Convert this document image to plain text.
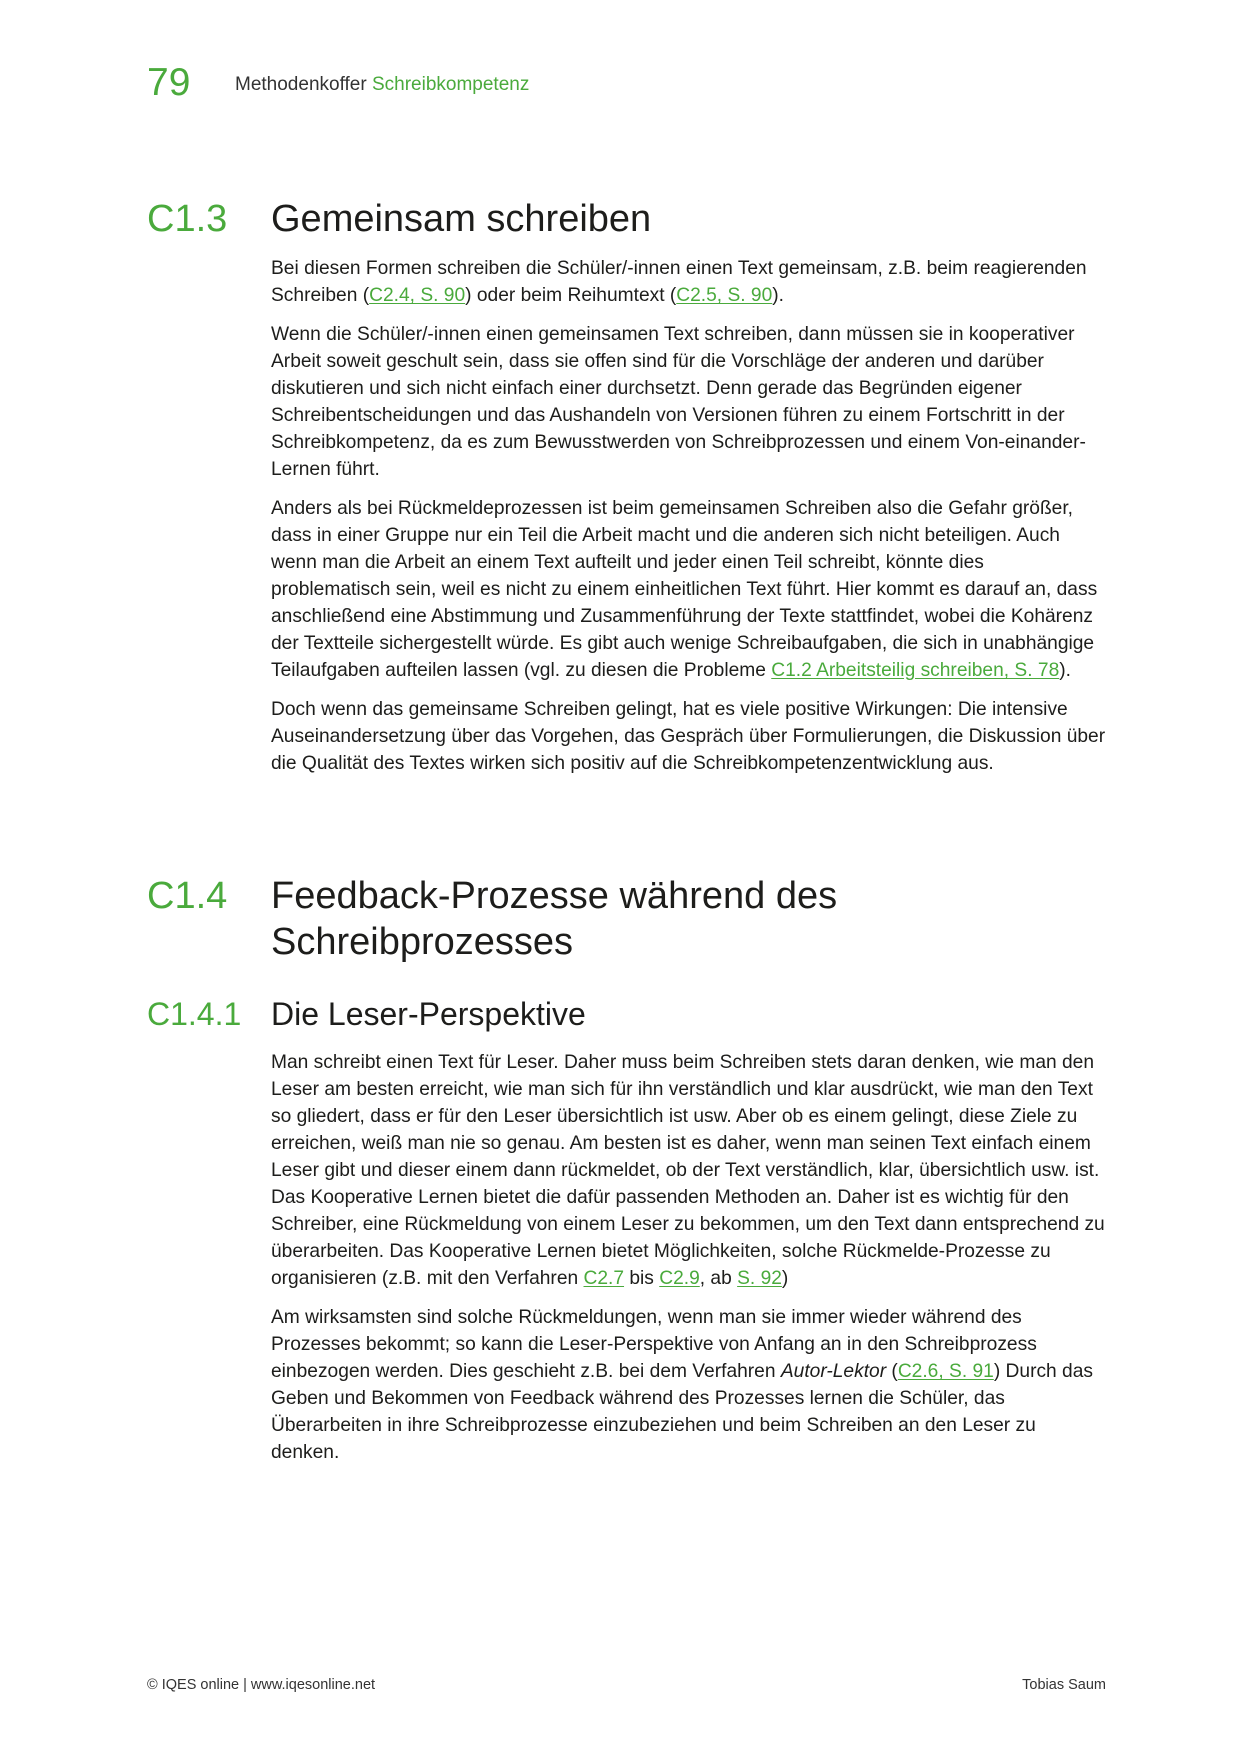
79 Methodenkoffer Schreibkompetenz
C1.3 Gemeinsam schreiben

Bei diesen Formen schreiben die Schüler/-innen einen Text gemeinsam, z.B. beim reagierenden Schreiben (C2.4, S. 90) oder beim Reihumtext (C2.5, S. 90).

Wenn die Schüler/-innen einen gemeinsamen Text schreiben, dann müssen sie in kooperativer Arbeit soweit geschult sein, dass sie offen sind für die Vorschläge der anderen und darüber diskutieren und sich nicht einfach einer durchsetzt. Denn gerade das Begründen eigener Schreibentscheidungen und das Aushandeln von Versionen führen zu einem Fortschritt in der Schreibkompetenz, da es zum Bewusstwerden von Schreibprozessen und einem Von-einander-Lernen führt.

Anders als bei Rückmeldeprozessen ist beim gemeinsamen Schreiben also die Gefahr größer, dass in einer Gruppe nur ein Teil die Arbeit macht und die anderen sich nicht beteiligen. Auch wenn man die Arbeit an einem Text aufteilt und jeder einen Teil schreibt, könnte dies problematisch sein, weil es nicht zu einem einheitlichen Text führt. Hier kommt es darauf an, dass anschließend eine Abstimmung und Zusammenführung der Texte stattfindet, wobei die Kohärenz der Textteile sichergestellt würde. Es gibt auch wenige Schreibaufgaben, die sich in unabhängige Teilaufgaben aufteilen lassen (vgl. zu diesen die Probleme C1.2 Arbeitsteilig schreiben, S. 78).

Doch wenn das gemeinsame Schreiben gelingt, hat es viele positive Wirkungen: Die intensive Auseinandersetzung über das Vorgehen, das Gespräch über Formulierungen, die Diskussion über die Qualität des Textes wirken sich positiv auf die Schreibkompetenzentwicklung aus.

C1.4 Feedback-Prozesse während des
Schreibprozesses
C1.4.1 Die Leser-Perspektive

Man schreibt einen Text für Leser. Daher muss beim Schreiben stets daran denken, wie man den Leser am besten erreicht, wie man sich für ihn verständlich und klar ausdrückt, wie man den Text so gliedert, dass er für den Leser übersichtlich ist usw. Aber ob es einem gelingt, diese Ziele zu erreichen, weiß man nie so genau. Am besten ist es daher, wenn man seinen Text einfach einem Leser gibt und dieser einem dann rückmeldet, ob der Text verständlich, klar, übersichtlich usw. ist. Das Kooperative Lernen bietet die dafür passenden Methoden an. Daher ist es wichtig für den Schreiber, eine Rückmeldung von einem Leser zu bekommen, um den Text dann entsprechend zu überarbeiten. Das Kooperative Lernen bietet Möglichkeiten, solche Rückmelde-Prozesse zu organisieren (z.B. mit den Verfahren C2.7 bis C2.9, ab S. 92)

Am wirksamsten sind solche Rückmeldungen, wenn man sie immer wieder während des Prozesses bekommt; so kann die Leser-Perspektive von Anfang an in den Schreibprozess einbezogen werden. Dies geschieht z.B. bei dem Verfahren Autor-Lektor (C2.6, S. 91) Durch das Geben und Bekommen von Feedback während des Prozesses lernen die Schüler, das Überarbeiten in ihre Schreibprozesse einzubeziehen und beim Schreiben an den Leser zu denken.

© IQES online | www.iqesonline.net	Tobias Saum
